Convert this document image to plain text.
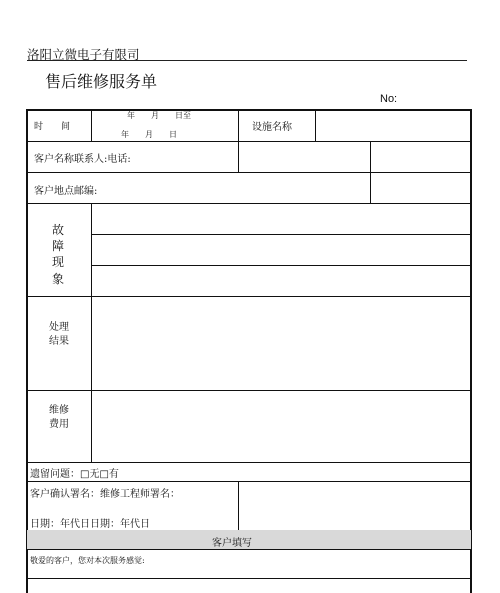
洛阳立微电子有限司
售后维修服务单
No:
时　　间
年　　月　　日至
年　　月　　日
设施名称
客户名称联系人:电话:
客户地点邮编:
故障现象
处理结果
维修费用
遗留问题：□无□有
客户确认署名：维修工程师署名：
日期：年代日日期：年代日
客户填写
敬爱的客户，您对本次服务感觉:
